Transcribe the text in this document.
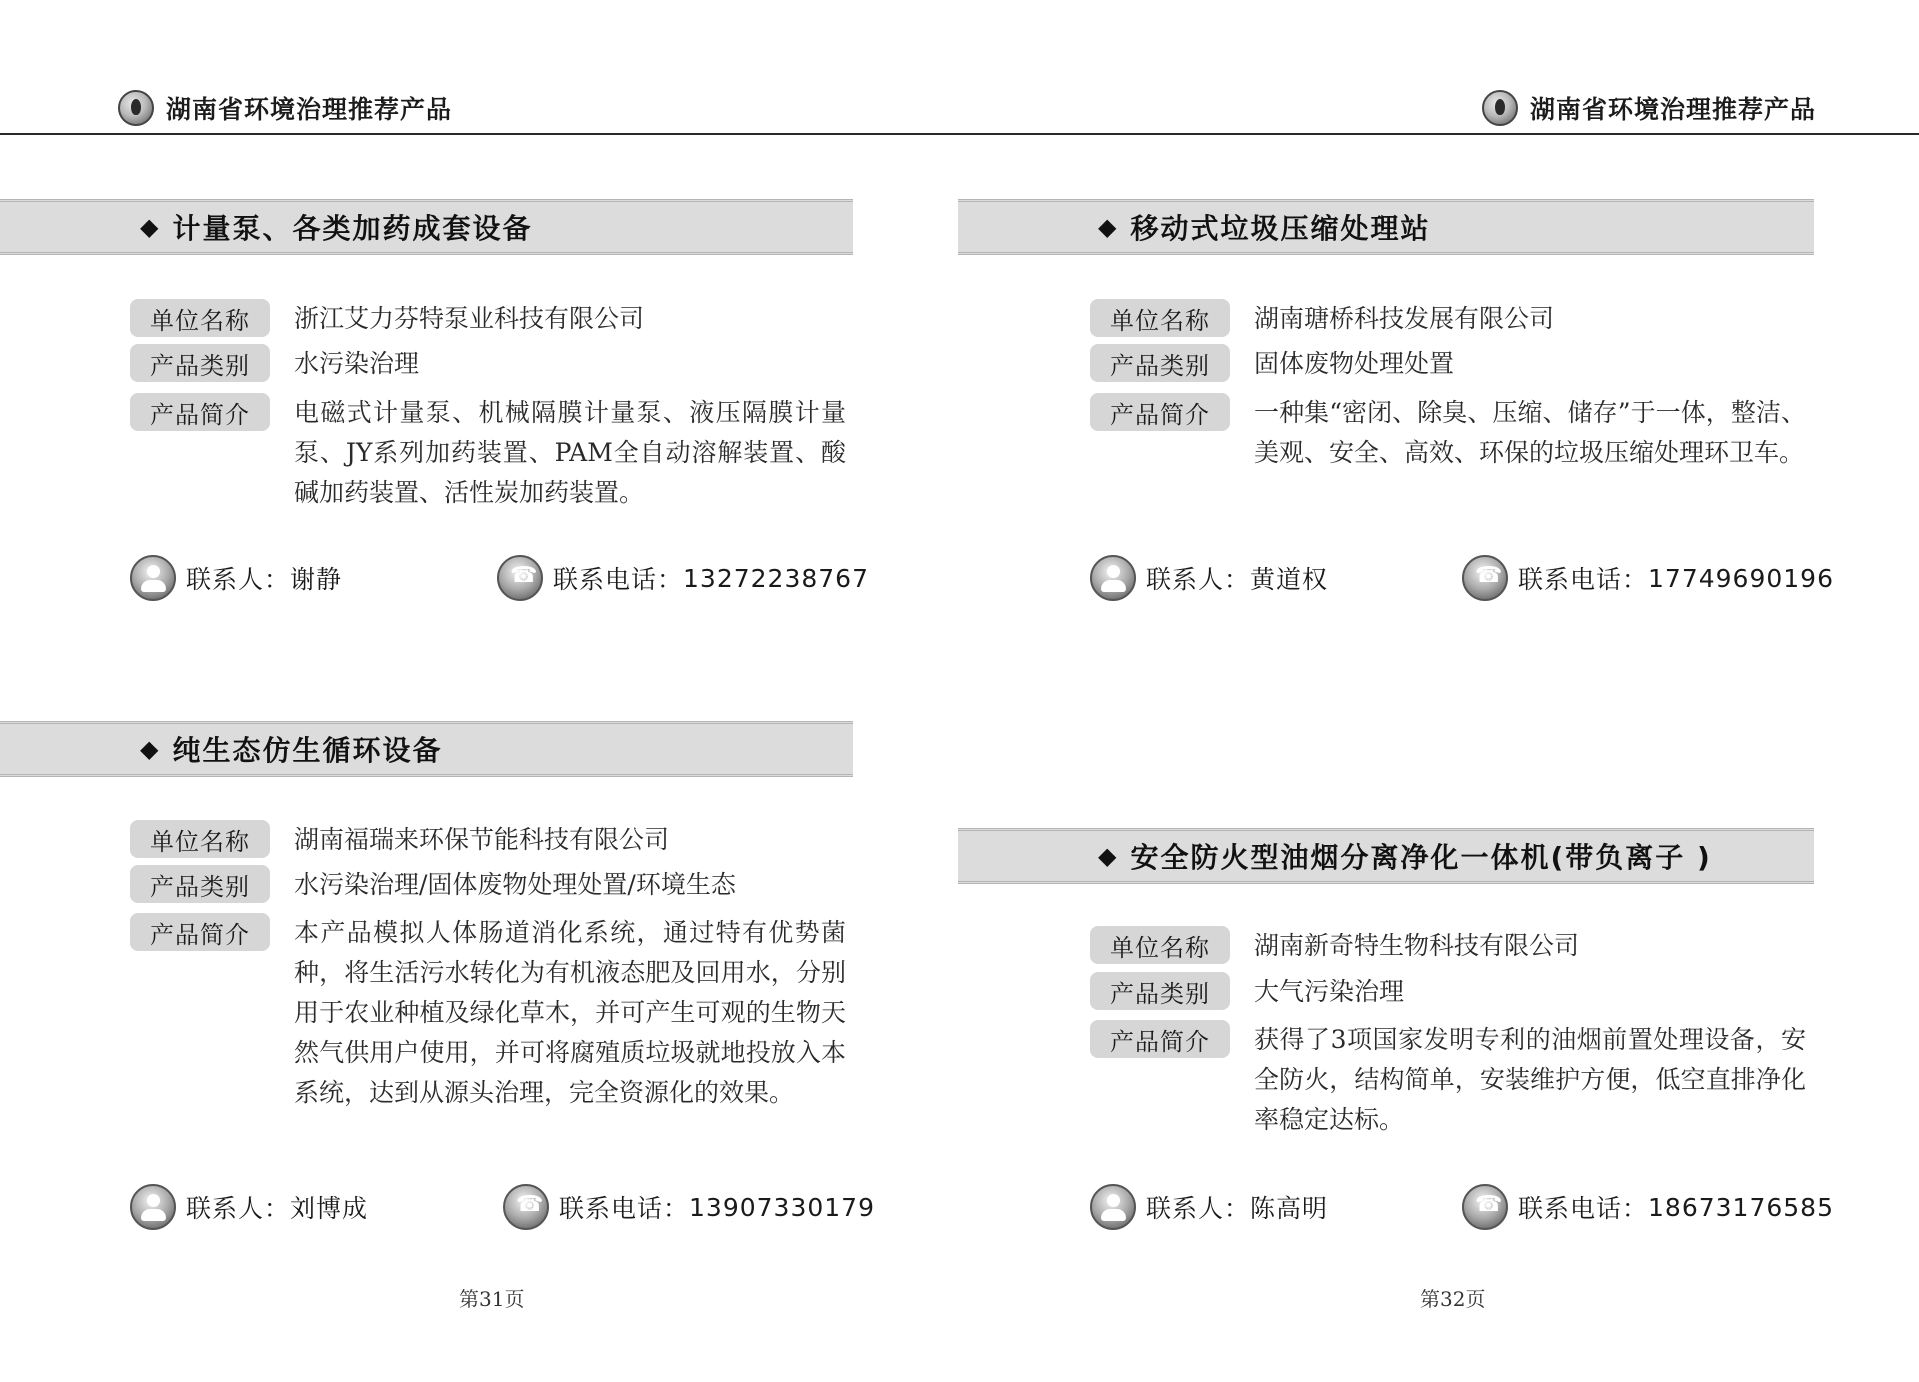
湖南省环境治理推荐产品	湖南省环境治理推荐产品
◆ 计量泵、各类加药成套设备
单位名称	浙江艾力芬特泵业科技有限公司
产品类别	水污染治理
产品简介	电磁式计量泵、机械隔膜计量泵、液压隔膜计量泵、JY系列加药装置、PAM全自动溶解装置、酸碱加药装置、活性炭加药装置。
联系人： 谢静 ☎	联系电话： 13272238767
◆ 纯生态仿生循环设备
单位名称	湖南福瑞来环保节能科技有限公司
产品类别	水污染治理/固体废物处理处置/环境生态
产品简介	本产品模拟人体肠道消化系统，通过特有优势菌种，将生活污水转化为有机液态肥及回用水，分别用于农业种植及绿化草木，并可产生可观的生物天然气供用户使用，并可将腐殖质垃圾就地投放入本系统，达到从源头治理，完全资源化的效果。
联系人： 刘博成 ☎	联系电话： 13907330179
◆ 移动式垃圾压缩处理站
单位名称	湖南瑭桥科技发展有限公司
产品类别	固体废物处理处置
产品简介	一种集“密闭、除臭、压缩、储存”于一体，整洁、美观、安全、高效、环保的垃圾压缩处理环卫车。
联系人： 黄道权 ☎	联系电话： 17749690196
◆ 安全防火型油烟分离净化一体机(带负离子 )
单位名称	湖南新奇特生物科技有限公司
产品类别	大气污染治理
产品简介	获得了3项国家发明专利的油烟前置处理设备，安全防火，结构简单，安装维护方便，低空直排净化率稳定达标。
联系人： 陈高明 ☎	联系电话： 18673176585
第31页	第32页
